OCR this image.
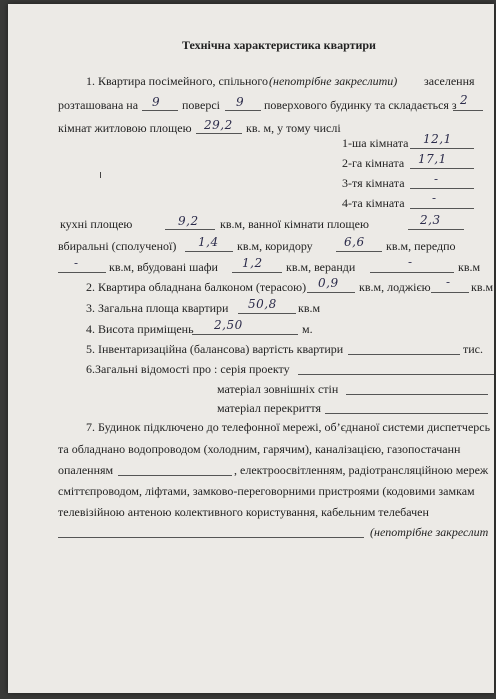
Технічна характеристика квартири
1. Квартира посімейного, спільного (непотрібне закреслити) заселення
розташована на 9 поверсі 9 поверхового будинку та складається з 2
кімнат житловою площею 29,2 кв. м, у тому числі
1-ша кімната 12,1
2-га кімната 17,1
3-тя кімната -
4-та кімната -
кухні площею	9,2 кв.м, ванної кімнати площею	2,3
вбиральні (сполученої) 1,4 кв.м, коридору	6,6 кв.м, передпо
-	кв.м, вбудовані шафи 1,2 кв.м, веранди	-	кв.м
2. Квартира обладнана балконом (терасою) 0,9 кв.м, лоджією - кв.м
3. Загальна площа квартири 50,8 кв.м
4. Висота приміщень 2,50	м.
5. Інвентаризаційна (балансова) вартість квартири	тис.
6.Загальні відомості про : серія проекту
матеріал зовнішніх стін
матеріал перекриття
7. Будинок підключено до телефонної мережі, об’єднаної системи диспетчерсь
та обладнано водопроводом (холодним, гарячим), каналізацією, газопостачанн
опаленням	, електроосвітленням, радіотрансляційною мереж
сміттєпроводом, ліфтами, замково-переговорними пристроями (кодовими замкам
телевізійною антеною колективного користування, кабельним телебачен
(непотрібне закреслит
